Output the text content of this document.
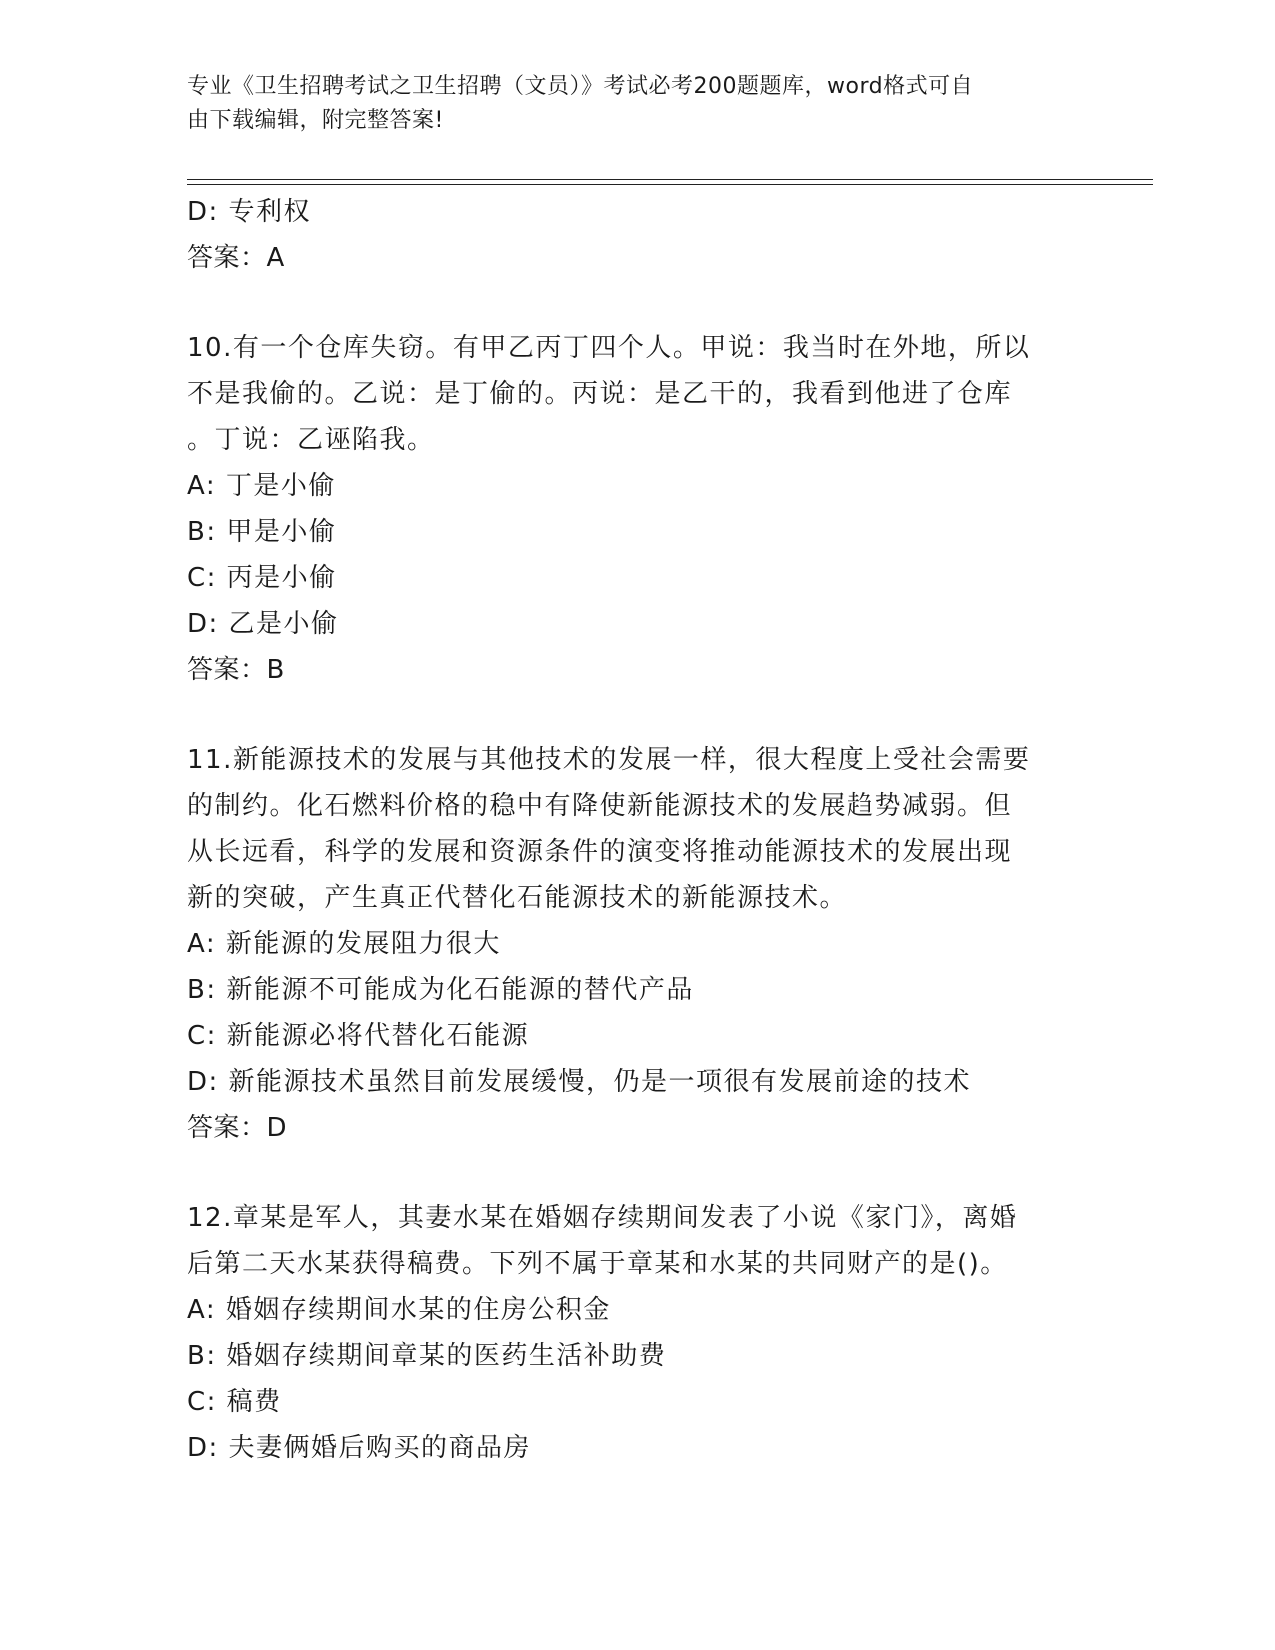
专业《卫生招聘考试之卫生招聘（文员）》考试必考200题题库，word格式可自
由下载编辑，附完整答案!
D: 专利权
答案：A
10.有一个仓库失窃。有甲乙丙丁四个人。甲说：我当时在外地，所以
不是我偷的。乙说：是丁偷的。丙说：是乙干的，我看到他进了仓库
。丁说：乙诬陷我。
A: 丁是小偷
B: 甲是小偷
C: 丙是小偷
D: 乙是小偷
答案：B
11.新能源技术的发展与其他技术的发展一样，很大程度上受社会需要
的制约。化石燃料价格的稳中有降使新能源技术的发展趋势减弱。但
从长远看，科学的发展和资源条件的演变将推动能源技术的发展出现
新的突破，产生真正代替化石能源技术的新能源技术。
A: 新能源的发展阻力很大
B: 新能源不可能成为化石能源的替代产品
C: 新能源必将代替化石能源
D: 新能源技术虽然目前发展缓慢，仍是一项很有发展前途的技术
答案：D
12.章某是军人，其妻水某在婚姻存续期间发表了小说《家门》，离婚
后第二天水某获得稿费。下列不属于章某和水某的共同财产的是()。
A: 婚姻存续期间水某的住房公积金
B: 婚姻存续期间章某的医药生活补助费
C: 稿费
D: 夫妻俩婚后购买的商品房
